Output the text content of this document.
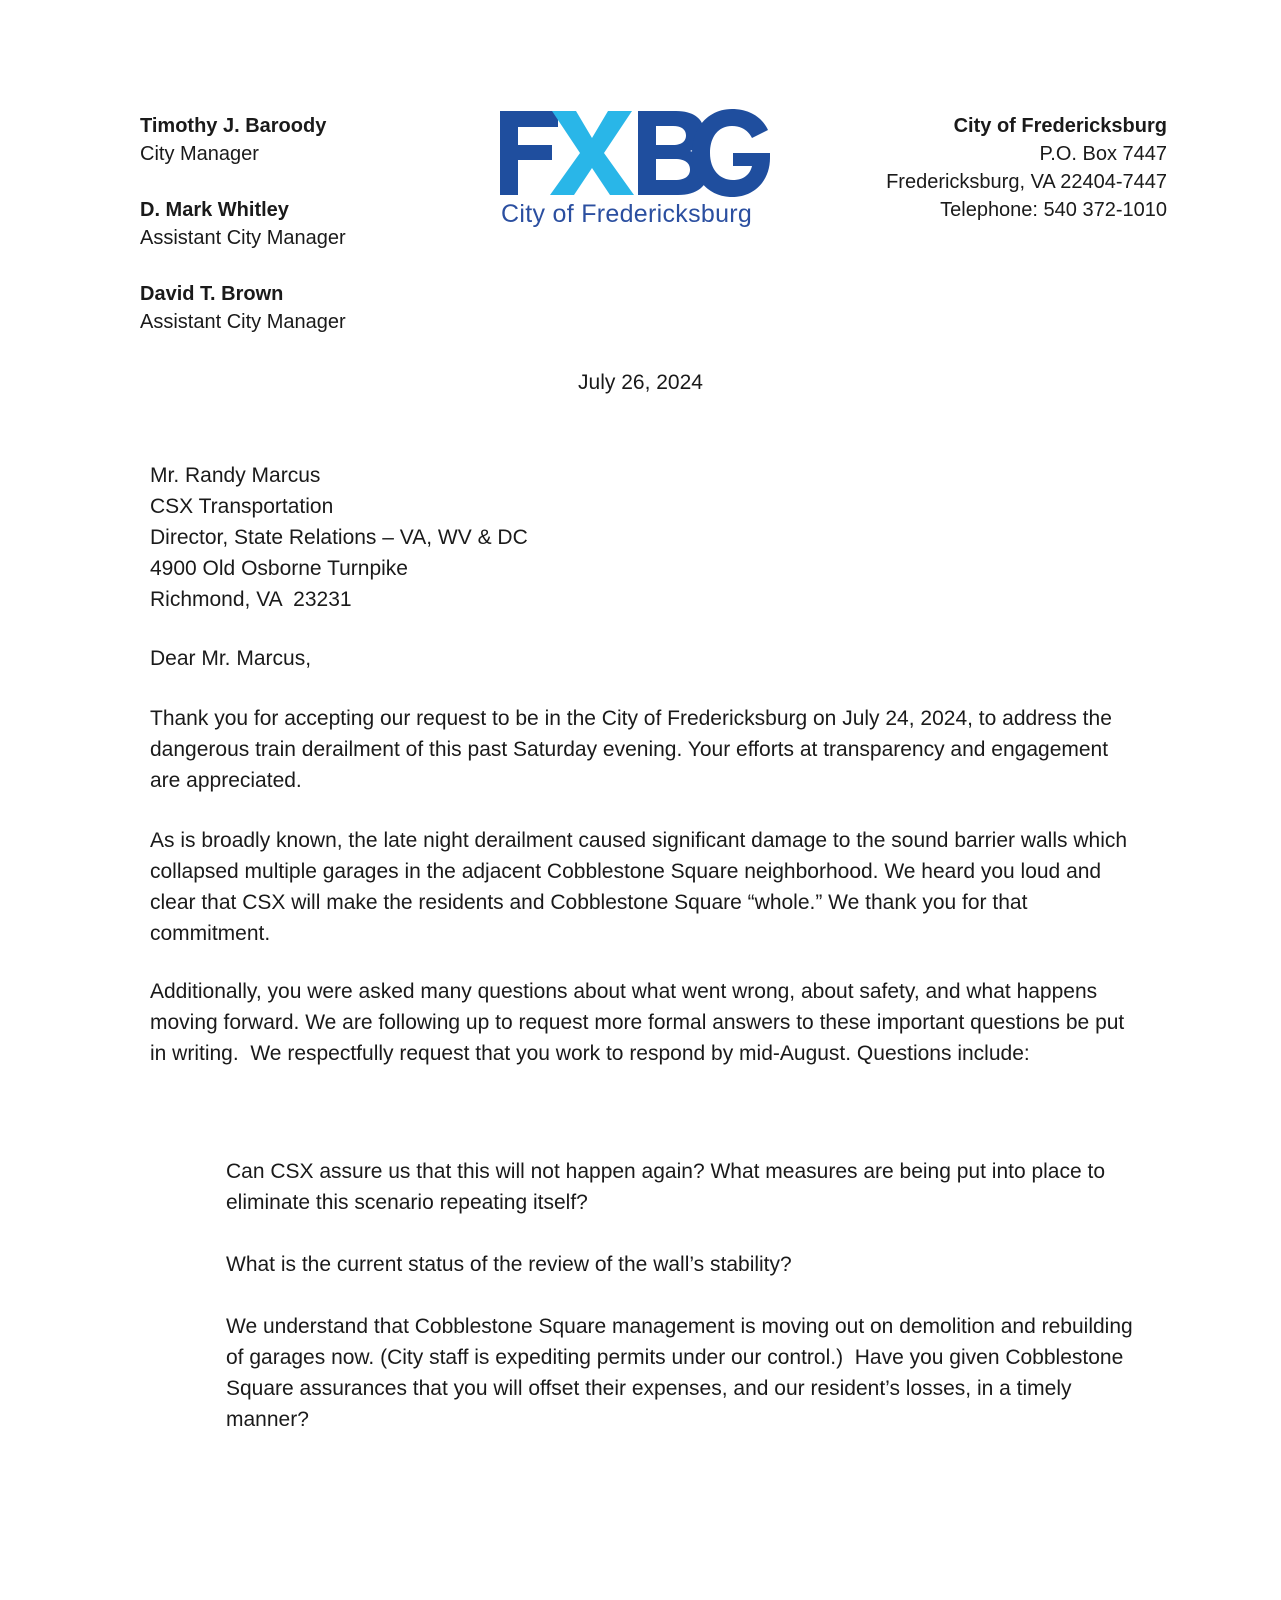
Timothy J. Baroody
City Manager
D. Mark Whitley
Assistant City Manager
David T. Brown
Assistant City Manager
City of Fredericksburg
City of Fredericksburg
P.O. Box 7447
Fredericksburg, VA 22404-7447
Telephone: 540 372-1010
July 26, 2024
Mr. Randy Marcus
CSX Transportation
Director, State Relations – VA, WV & DC
4900 Old Osborne Turnpike
Richmond, VA  23231
Dear Mr. Marcus,

Thank you for accepting our request to be in the City of Fredericksburg on July 24, 2024, to address the dangerous train derailment of this past Saturday evening. Your efforts at transparency and engagement are appreciated.

As is broadly known, the late night derailment caused significant damage to the sound barrier walls which collapsed multiple garages in the adjacent Cobblestone Square neighborhood. We heard you loud and clear that CSX will make the residents and Cobblestone Square “whole.” We thank you for that commitment.

Additionally, you were asked many questions about what went wrong, about safety, and what happens moving forward. We are following up to request more formal answers to these important questions be put in writing.  We respectfully request that you work to respond by mid-August. Questions include:

Can CSX assure us that this will not happen again? What measures are being put into place to eliminate this scenario repeating itself?

What is the current status of the review of the wall’s stability?

We understand that Cobblestone Square management is moving out on demolition and rebuilding of garages now. (City staff is expediting permits under our control.)  Have you given Cobblestone Square assurances that you will offset their expenses, and our resident’s losses, in a timely manner?
